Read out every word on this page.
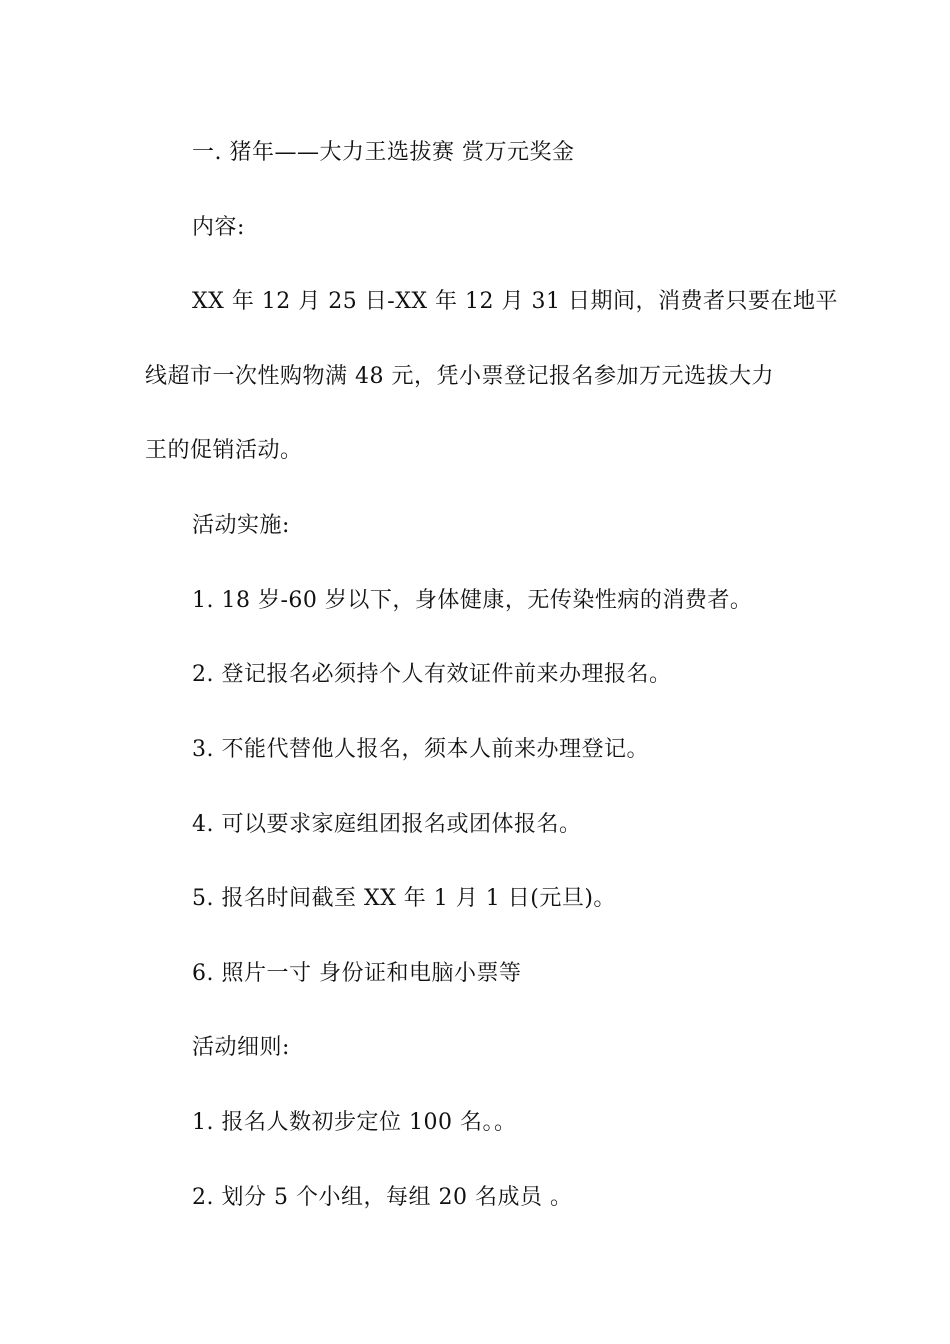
一. 猪年——大力王选拔赛 赏万元奖金
内容:
XX 年 12 月 25 日-XX 年 12 月 31 日期间，消费者只要在地平
线超市一次性购物满 48 元，凭小票登记报名参加万元选拔大力
王的促销活动。
活动实施:
1. 18 岁-60 岁以下，身体健康，无传染性病的消费者。
2. 登记报名必须持个人有效证件前来办理报名。
3. 不能代替他人报名，须本人前来办理登记。
4. 可以要求家庭组团报名或团体报名。
5. 报名时间截至 XX 年 1 月 1 日(元旦)。
6. 照片一寸 身份证和电脑小票等
活动细则:
1. 报名人数初步定位 100 名。。
2. 划分 5 个小组，每组 20 名成员 。
